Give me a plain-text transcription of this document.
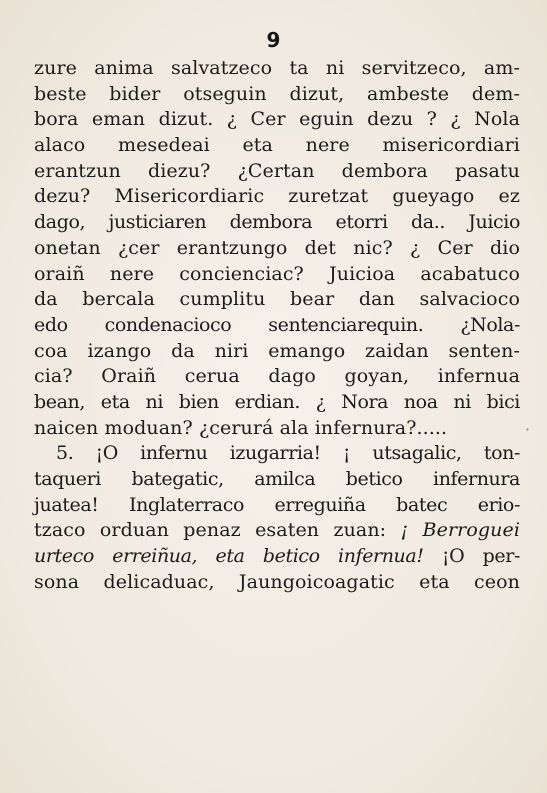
9
zure anima salvatzeco ta ni servitzeco, am-
beste bider otseguin dizut, ambeste dem-
bora eman dizut. ¿ Cer eguin dezu ? ¿ Nola
alaco mesedeai eta nere misericordiari
erantzun diezu? ¿Certan dembora pasatu
dezu? Misericordiaric zuretzat gueyago ez
dago, justiciaren dembora etorri da.. Juicio
onetan ¿cer erantzungo det nic? ¿ Cer dio
oraiñ nere concienciac? Juicioa acabatuco
da bercala cumplitu bear dan salvacioco
edo condenacioco sentenciarequin. ¿Nola-
coa izango da niri emango zaidan senten-
cia? Oraiñ cerua dago goyan, infernua
bean, eta ni bien erdian. ¿ Nora noa ni bici
naicen moduan? ¿cerurá ala infernura?.....
5. ¡O infernu izugarria! ¡ utsagalic, ton-
taqueri bategatic, amilca betico infernura
juatea! Inglaterraco erreguiña batec erio-
tzaco orduan penaz esaten zuan: ¡ Berroguei
urteco erreiñua, eta betico infernua! ¡O per-
sona delicaduac, Jaungoicoagatic eta ceon
·
